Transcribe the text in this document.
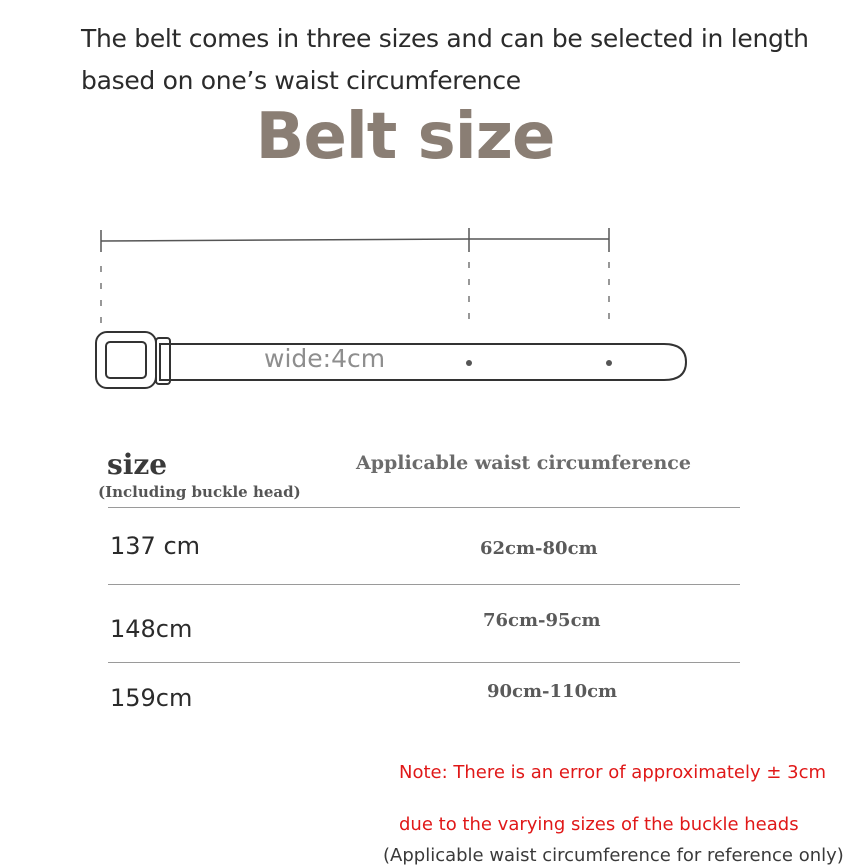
The belt comes in three sizes and can be selected in length
based on one’s waist circumference

Belt size
wide:4cm
size
(Including buckle head)
Applicable waist circumference
137 cm	62cm-80cm
148cm	76cm-95cm
159cm	90cm-110cm

Note: There is an error of approximately ± 3cm

due to the varying sizes of the buckle heads

(Applicable waist circumference for reference only)
